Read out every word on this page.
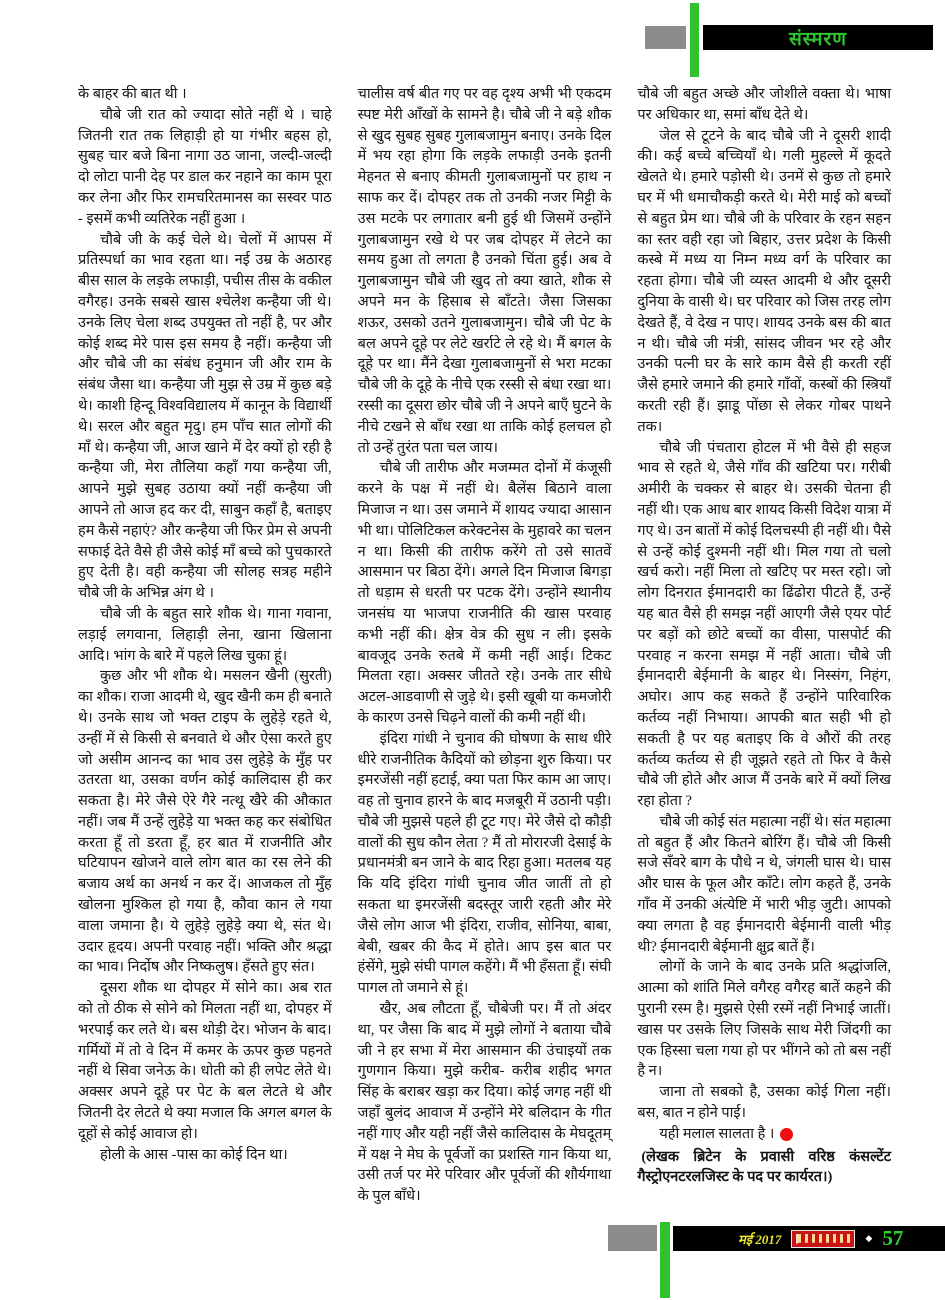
संस्मरण

के बाहर की बात थी ।

चौबे जी रात को ज्यादा सोते नहीं थे । चाहे जितनी रात तक लिहाड़ी हो या गंभीर बहस हो, सुबह चार बजे बिना नागा उठ जाना, जल्दी-जल्दी दो लोटा पानी देह पर डाल कर नहाने का काम पूरा कर लेना और फिर रामचरितमानस का सस्वर पाठ - इसमें कभी व्यतिरेक नहीं हुआ ।

चौबे जी के कई चेले थे। चेलों में आपस में प्रतिस्पर्धा का भाव रहता था। नई उम्र के अठारह बीस साल के लड़के लफाड़ी, पचीस तीस के वकील वगैरह। उनके सबसे खास श्चेलेश कन्हैया जी थे। उनके लिए चेला शब्द उपयुक्त तो नहीं है, पर और कोई शब्द मेरे पास इस समय है नहीं। कन्हैया जी और चौबे जी का संबंध हनुमान जी और राम के संबंध जैसा था। कन्हैया जी मुझ से उम्र में कुछ बड़े थे। काशी हिन्दू विश्वविद्यालय में कानून के विद्यार्थी थे। सरल और बहुत मृदु। हम पाँच सात लोगों की माँ थे। कन्हैया जी, आज खाने में देर क्यों हो रही है कन्हैया जी, मेरा तौलिया कहाँ गया कन्हैया जी, आपने मुझे सुबह उठाया क्यों नहीं कन्हैया जी आपने तो आज हद कर दी, साबुन कहाँ है, बताइए हम कैसे नहाएं? और कन्हैया जी फिर प्रेम से अपनी सफाई देते वैसे ही जैसे कोई माँ बच्चे को पुचकारते हुए देती है। वही कन्हैया जी सोलह सत्रह महीने चौबे जी के अभिन्न अंग थे ।

चौबे जी के बहुत सारे शौक थे। गाना गवाना, लड़ाई लगवाना, लिहाड़ी लेना, खाना खिलाना आदि। भांग के बारे में पहले लिख चुका हूं।

कुछ और भी शौक थे। मसलन खैनी (सुरती) का शौक। राजा आदमी थे, खुद खैनी कम ही बनाते थे। उनके साथ जो भक्त टाइप के लुहेड़े रहते थे, उन्हीं में से किसी से बनवाते थे और ऐसा करते हुए जो असीम आनन्द का भाव उस लुहेड़े के मुँह पर उतरता था, उसका वर्णन कोई कालिदास ही कर सकता है। मेरे जैसे ऐरे गैरे नत्थू खैरे की औकात नहीं। जब मैं उन्हें लुहेड़े या भक्त कह कर संबोधित करता हूँ तो डरता हूँ, हर बात में राजनीति और घटियापन खोजने वाले लोग बात का रस लेने की बजाय अर्थ का अनर्थ न कर दें। आजकल तो मुँह खोलना मुश्किल हो गया है, कौवा कान ले गया वाला जमाना है। ये लुहेड़े लुहेड़े क्या थे, संत थे। उदार हृदय। अपनी परवाह नहीं। भक्ति और श्रद्धा का भाव। निर्दोष और निष्कलुष। हँसते हुए संत।

दूसरा शौक था दोपहर में सोने का। अब रात को तो ठीक से सोने को मिलता नहीं था, दोपहर में भरपाई कर लते थे। बस थोड़ी देर। भोजन के बाद। गर्मियों में तो वे दिन में कमर के ऊपर कुछ पहनते नहीं थे सिवा जनेऊ के। धोती को ही लपेट लेते थे। अक्सर अपने दूहे पर पेट के बल लेटते थे और जितनी देर लेटते थे क्या मजाल कि अगल बगल के दूहों से कोई आवाज हो।

होली के आस -पास का कोई दिन था।

चालीस वर्ष बीत गए पर वह दृश्य अभी भी एकदम स्पष्ट मेरी आँखों के सामने है। चौबे जी ने बड़े शौक से खुद सुबह सुबह गुलाबजामुन बनाए। उनके दिल में भय रहा होगा कि लड़के लफाड़ी उनके इतनी मेहनत से बनाए कीमती गुलाबजामुनों पर हाथ न साफ कर दें। दोपहर तक तो उनकी नजर मिट्टी के उस मटके पर लगातार बनी हुई थी जिसमें उन्होंने गुलाबजामुन रखे थे पर जब दोपहर में लेटने का समय हुआ तो लगता है उनको चिंता हुई। अब वे गुलाबजामुन चौबे जी खुद तो क्या खाते, शौक से अपने मन के हिसाब से बाँटते। जैसा जिसका शऊर, उसको उतने गुलाबजामुन। चौबे जी पेट के बल अपने दूहे पर लेटे खर्राटे ले रहे थे। मैं बगल के दूहे पर था। मैंने देखा गुलाबजामुनों से भरा मटका चौबे जी के दूहे के नीचे एक रस्सी से बंधा रखा था। रस्सी का दूसरा छोर चौबे जी ने अपने बाएँ घुटने के नीचे टखने से बाँध रखा था ताकि कोई हलचल हो तो उन्हें तुरंत पता चल जाय।

चौबे जी तारीफ और मजम्मत दोनों में कंजूसी करने के पक्ष में नहीं थे। बैलेंस बिठाने वाला मिजाज न था। उस जमाने में शायद ज्यादा आसान भी था। पोलिटिकल करेक्टनेस के मुहावरे का चलन न था। किसी की तारीफ करेंगे तो उसे सातवें आसमान पर बिठा देंगे। अगले दिन मिजाज बिगड़ा तो धड़ाम से धरती पर पटक देंगे। उन्होंने स्थानीय जनसंघ या भाजपा राजनीति की खास परवाह कभी नहीं की। क्षेत्र वेत्र की सुध न ली। इसके बावजूद उनके रुतबे में कमी नहीं आई। टिकट मिलता रहा। अक्सर जीतते रहे। उनके तार सीधे अटल-आडवाणी से जुड़े थे। इसी खूबी या कमजोरी के कारण उनसे चिढ़ने वालों की कमी नहीं थी।

इंदिरा गांधी ने चुनाव की घोषणा के साथ धीरे धीरे राजनीतिक कैदियों को छोड़ना शुरु किया। पर इमरजेंसी नहीं हटाई, क्या पता फिर काम आ जाए। वह तो चुनाव हारने के बाद मजबूरी में उठानी पड़ी। चौबे जी मुझसे पहले ही टूट गए। मेरे जैसे दो कौड़ी वालों की सुध कौन लेता ? मैं तो मोरारजी देसाई के प्रधानमंत्री बन जाने के बाद रिहा हुआ। मतलब यह कि यदि इंदिरा गांधी चुनाव जीत जातीं तो हो सकता था इमरजेंसी बदस्तूर जारी रहती और मेरे जैसे लोग आज भी इंदिरा, राजीव, सोनिया, बाबा, बेबी, खबर की कैद में होते। आप इस बात पर हंसेंगे, मुझे संघी पागल कहेंगे। मैं भी हँसता हूँ। संघी पागल तो जमाने से हूं।

खैर, अब लौटता हूँ, चौबेजी पर। मैं तो अंदर था, पर जैसा कि बाद में मुझे लोगों ने बताया चौबे जी ने हर सभा में मेरा आसमान की उंचाइयों तक गुणगान किया। मुझे करीब- करीब शहीद भगत सिंह के बराबर खड़ा कर दिया। कोई जगह नहीं थी जहाँ बुलंद आवाज में उन्होंने मेरे बलिदान के गीत नहीं गाए और यही नहीं जैसे कालिदास के मेघदूतम् में यक्ष ने मेघ के पूर्वजों का प्रशस्ति गान किया था, उसी तर्ज पर मेरे परिवार और पूर्वजों की शौर्यगाथा के पुल बाँधे।

चौबे जी बहुत अच्छे और जोशीले वक्ता थे। भाषा पर अधिकार था, समां बाँध देते थे।

जेल से टूटने के बाद चौबे जी ने दूसरी शादी की। कई बच्चे बच्चियाँ थे। गली मुहल्ले में कूदते खेलते थे। हमारे पड़ोसी थे। उनमें से कुछ तो हमारे घर में भी धमाचौकड़ी करते थे। मेरी माई को बच्चों से बहुत प्रेम था। चौबे जी के परिवार के रहन सहन का स्तर वही रहा जो बिहार, उत्तर प्रदेश के किसी कस्बे में मध्य या निम्न मध्य वर्ग के परिवार का रहता होगा। चौबे जी व्यस्त आदमी थे और दूसरी दुनिया के वासी थे। घर परिवार को जिस तरह लोग देखते हैं, वे देख न पाए। शायद उनके बस की बात न थी। चौबे जी मंत्री, सांसद जीवन भर रहे और उनकी पत्नी घर के सारे काम वैसे ही करती रहीं जैसे हमारे जमाने की हमारे गाँवों, कस्बों की स्त्रियाँ करती रही हैं। झाडू पोंछा से लेकर गोबर पाथने तक।

चौबे जी पंचतारा होटल में भी वैसे ही सहज भाव से रहते थे, जैसे गाँव की खटिया पर। गरीबी अमीरी के चक्कर से बाहर थे। उसकी चेतना ही नहीं थी। एक आध बार शायद किसी विदेश यात्रा में गए थे। उन बातों में कोई दिलचस्पी ही नहीं थी। पैसे से उन्हें कोई दुश्मनी नहीं थी। मिल गया तो चलो खर्च करो। नहीं मिला तो खटिए पर मस्त रहो। जो लोग दिनरात ईमानदारी का ढिंढोरा पीटते हैं, उन्हें यह बात वैसे ही समझ नहीं आएगी जैसे एयर पोर्ट पर बड़ों को छोटे बच्चों का वीसा, पासपोर्ट की परवाह न करना समझ में नहीं आता। चौबे जी ईमानदारी बेईमानी के बाहर थे। निस्संग, निहंग, अघोर। आप कह सकते हैं उन्होंने पारिवारिक कर्तव्य नहीं निभाया। आपकी बात सही भी हो सकती है पर यह बताइए कि वे औरों की तरह कर्तव्य कर्तव्य से ही जूझते रहते तो फिर वे कैसे चौबे जी होते और आज मैं उनके बारे में क्यों लिख रहा होता ?

चौबे जी कोई संत महात्मा नहीं थे। संत महात्मा तो बहुत हैं और कितने बोरिंग हैं। चौबे जी किसी सजे सँवरे बाग के पौधे न थे, जंगली घास थे। घास और घास के फूल और काँटे। लोग कहते हैं, उनके गाँव में उनकी अंत्येष्टि में भारी भीड़ जुटी। आपको क्या लगता है वह ईमानदारी बेईमानी वाली भीड़ थी? ईमानदारी बेईमानी क्षुद्र बातें हैं।

लोगों के जाने के बाद उनके प्रति श्रद्धांजलि, आत्मा को शांति मिले वगैरह वगैरह बातें कहने की पुरानी रस्म है। मुझसे ऐसी रस्में नहीं निभाई जातीं। खास पर उसके लिए जिसके साथ मेरी जिंदगी का एक हिस्सा चला गया हो पर भींगने को तो बस नहीं है न।

जाना तो सबको है, उसका कोई गिला नहीं। बस, बात न होने पाई।

यही मलाल सालता है ।

(लेखक ब्रिटेन के प्रवासी वरिष्ठ कंसल्टेंट गैस्ट्रोएनटरलजिस्ट के पद पर कार्यरत।)

मई 2017	◆ 57
